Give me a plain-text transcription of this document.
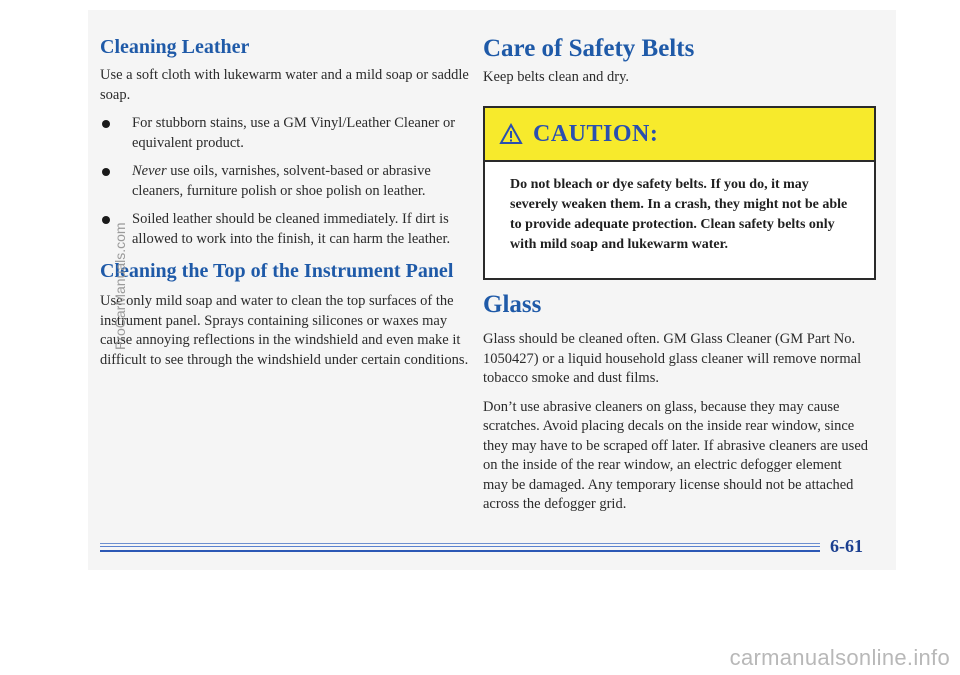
Cleaning Leather

Use a soft cloth with lukewarm water and a mild soap or saddle soap.

For stubborn stains, use a GM Vinyl/Leather Cleaner or equivalent product.
Never use oils, varnishes, solvent-based or abrasive cleaners, furniture polish or shoe polish on leather.
Soiled leather should be cleaned immediately. If dirt is allowed to work into the finish, it can harm the leather.
Cleaning the Top of the Instrument Panel

Use only mild soap and water to clean the top surfaces of the instrument panel. Sprays containing silicones or waxes may cause annoying reflections in the windshield and even make it difficult to see through the windshield under certain conditions.

Care of Safety Belts

Keep belts clean and dry.

CAUTION:
Do not bleach or dye safety belts. If you do, it may severely weaken them. In a crash, they might not be able to provide adequate protection. Clean safety belts only with mild soap and lukewarm water.
Glass

Glass should be cleaned often. GM Glass Cleaner (GM Part No. 1050427) or a liquid household glass cleaner will remove normal tobacco smoke and dust films.

Don’t use abrasive cleaners on glass, because they may cause scratches. Avoid placing decals on the inside rear window, since they may have to be scraped off later. If abrasive cleaners are used on the inside of the rear window, an electric defogger element may be damaged. Any temporary license should not be attached across the defogger grid.

6-61
ProCarManuals.com
carmanualsonline.info
